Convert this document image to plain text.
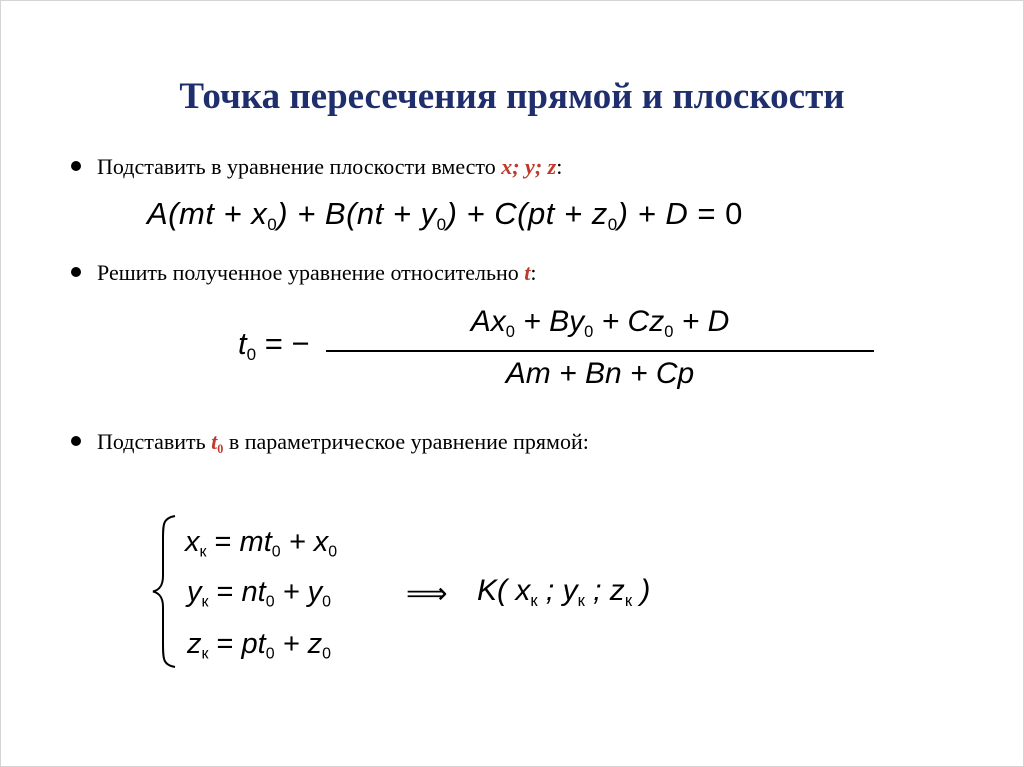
Точка пересечения прямой и плоскости
Подставить в уравнение плоскости вместо x; y; z:
$A(mt + x_0) + B(nt + y_0) + C(pt + z_0) + D = 0$
Решить полученное уравнение относительно t:
$t_0$ = −
$Ax_0 + By_0 + Cz_0 + D$
Am + Bn + Cp
Подставить $t_0$ в параметрическое уравнение прямой:
$x_к = mt_0 + x_0$
$y_к = nt_0 + y_0$
$z_к = pt_0 + z_0$
⟹ K( $x_к$ ; $y_к$ ; $z_к$ )
